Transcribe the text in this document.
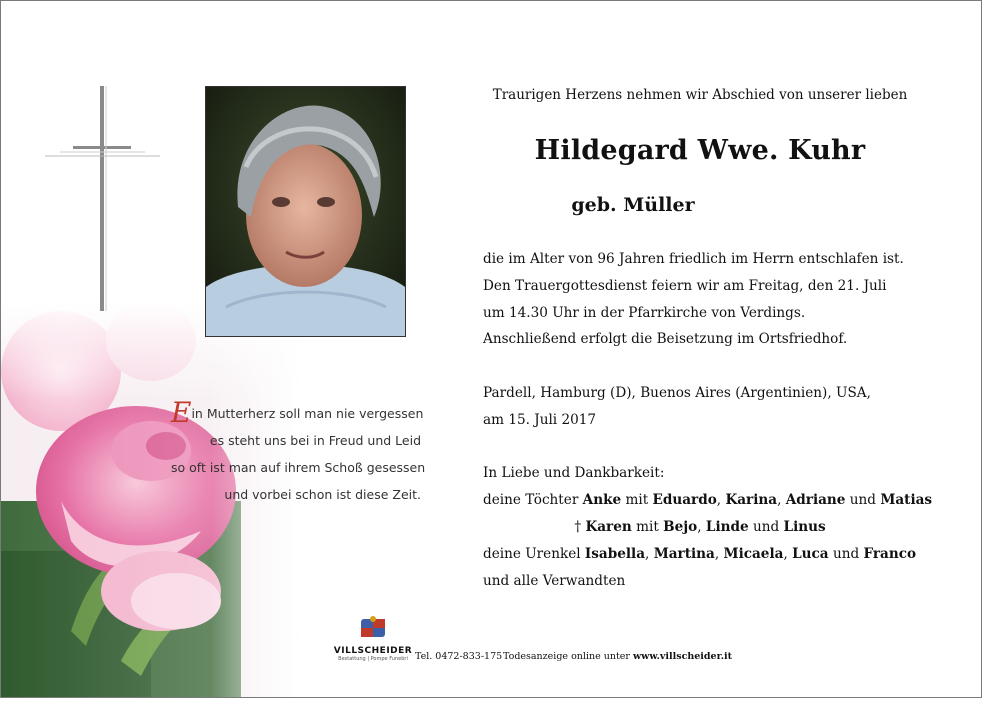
Ein Mutterherz soll man nie vergessen
es steht uns bei in Freud und Leid
so oft ist man auf ihrem Schoß gesessen
und vorbei schon ist diese Zeit.
Traurigen Herzens nehmen wir Abschied von unserer lieben
Hildegard Wwe. Kuhr
geb. Müller
die im Alter von 96 Jahren friedlich im Herrn entschlafen ist.
Den Trauergottesdienst feiern wir am Freitag, den 21. Juli
um 14.30 Uhr in der Pfarrkirche von Verdings.
Anschließend erfolgt die Beisetzung im Ortsfriedhof.
Pardell, Hamburg (D), Buenos Aires (Argentinien), USA,
am 15. Juli 2017
In Liebe und Dankbarkeit:
deine Töchter Anke mit Eduardo, Karina, Adriane und Matias
† Karen mit Bejo, Linde und Linus
deine Urenkel Isabella, Martina, Micaela, Luca und Franco
und alle Verwandten
VILLSCHEIDER
Bestattung | Pompe Funebri Tel. 0472-833-175 Todesanzeige online unter www.villscheider.it
